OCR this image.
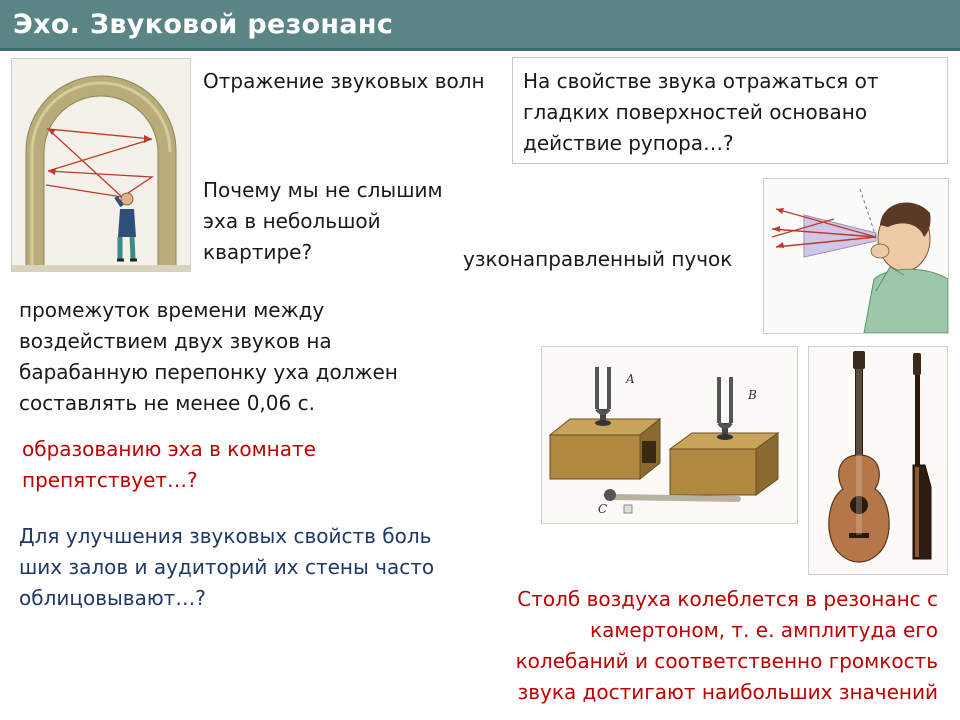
Эхо. Звуковой резонанс
Отражение звуковых волн На свойстве звука отражаться от
гладких поверхностей основано
действие рупора…?
Почему мы не слышим
эха в небольшой
квартире?	узконаправленный пучок
промежуток времени между
воздействием двух звуков на
барабанную перепонку уха должен
составлять не менее 0,06 с.
образованию эха в комнате
препятствует…?
Для улучшения звуковых свойств боль
ших залов и аудиторий их стены часто
облицовывают…?
A
B
C
Столб воздуха колеблется в резонанс с
камертоном, т. е. амплитуда его
колебаний и соответственно громкость
звука достигают наибольших значений
